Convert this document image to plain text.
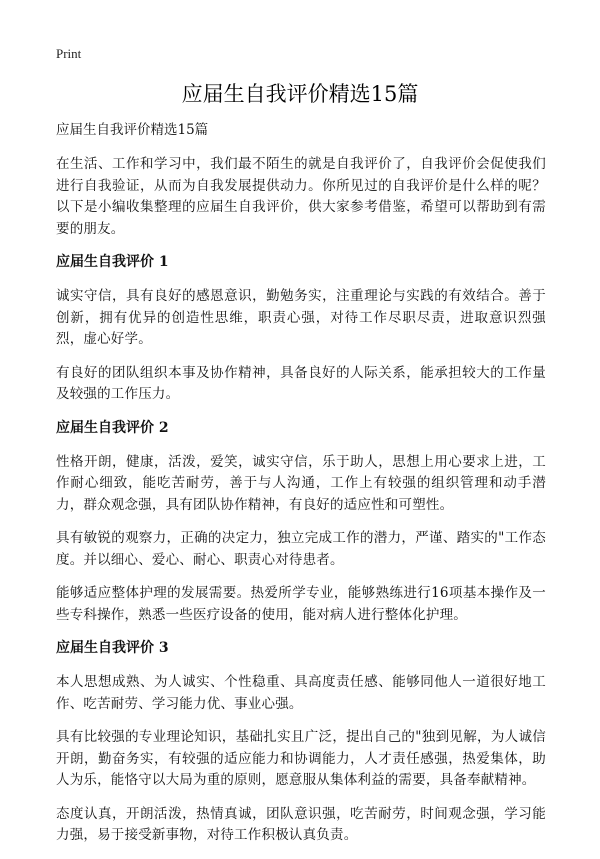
Print
应届生自我评价精选15篇
应届生自我评价精选15篇

在生活、工作和学习中，我们最不陌生的就是自我评价了，自我评价会促使我们进行自我验证，从而为自我发展提供动力。你所见过的自我评价是什么样的呢？以下是小编收集整理的应届生自我评价，供大家参考借鉴，希望可以帮助到有需要的朋友。

应届生自我评价 1

诚实守信，具有良好的感恩意识，勤勉务实，注重理论与实践的有效结合。善于创新，拥有优异的创造性思维，职责心强，对待工作尽职尽责，进取意识烈强烈，虚心好学。

有良好的团队组织本事及协作精神，具备良好的人际关系，能承担较大的工作量及较强的工作压力。

应届生自我评价 2

性格开朗，健康，活泼，爱笑，诚实守信，乐于助人，思想上用心要求上进，工作耐心细致，能吃苦耐劳，善于与人沟通，工作上有较强的组织管理和动手潜力，群众观念强，具有团队协作精神，有良好的适应性和可塑性。

具有敏锐的观察力，正确的决定力，独立完成工作的潜力，严谨、踏实的"工作态度。并以细心、爱心、耐心、职责心对待患者。

能够适应整体护理的发展需要。热爱所学专业，能够熟练进行16项基本操作及一些专科操作，熟悉一些医疗设备的使用，能对病人进行整体化护理。

应届生自我评价 3

本人思想成熟、为人诚实、个性稳重、具高度责任感、能够同他人一道很好地工作、吃苦耐劳、学习能力优、事业心强。

具有比较强的专业理论知识，基础扎实且广泛，提出自己的"独到见解，为人诚信开朗，勤奋务实，有较强的适应能力和协调能力，人才责任感强，热爱集体，助人为乐，能恪守以大局为重的原则，愿意服从集体利益的需要，具备奉献精神。

态度认真，开朗活泼，热情真诚，团队意识强，吃苦耐劳，时间观念强，学习能力强，易于接受新事物，对待工作积极认真负责。
